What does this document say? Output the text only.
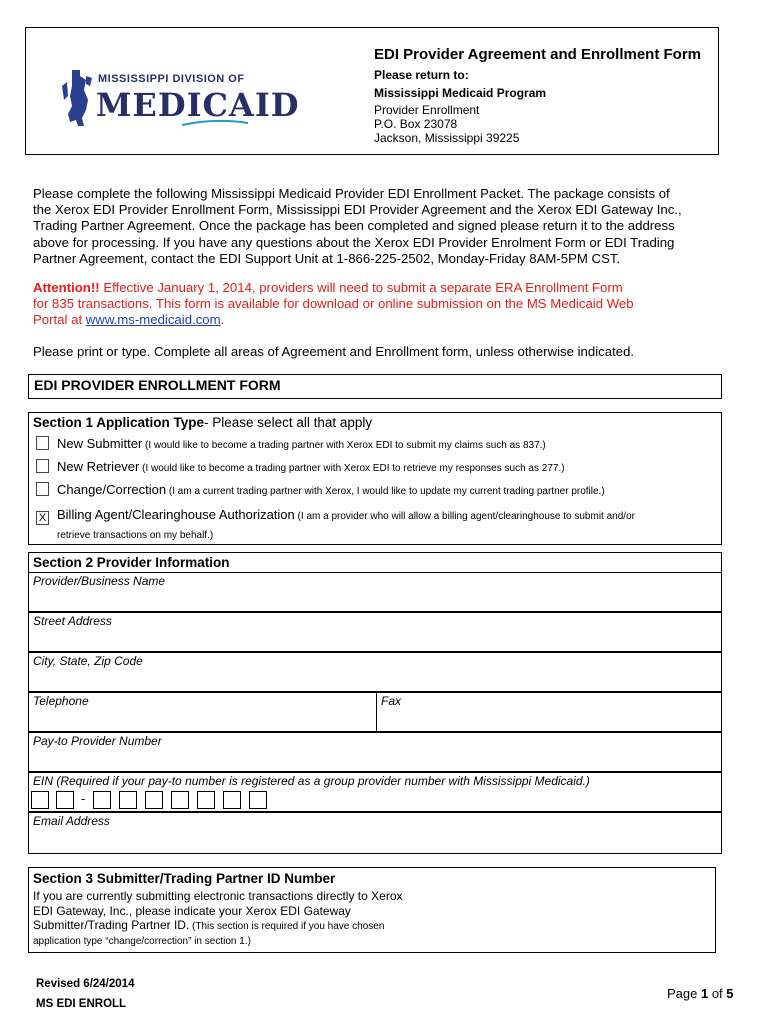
MISSISSIPPI DIVISION OF
MEDICAID
EDI Provider Agreement and Enrollment Form
Please return to:
Mississippi Medicaid Program
Provider Enrollment
P.O. Box 23078
Jackson, Mississippi 39225
Please complete the following Mississippi Medicaid Provider EDI Enrollment Packet. The package consists of
the Xerox EDI Provider Enrollment Form, Mississippi EDI Provider Agreement and the Xerox EDI Gateway Inc.,
Trading Partner Agreement. Once the package has been completed and signed please return it to the address
above for processing. If you have any questions about the Xerox EDI Provider Enrolment Form or EDI Trading
Partner Agreement, contact the EDI Support Unit at 1-866-225-2502, Monday-Friday 8AM-5PM CST.
Attention!! Effective January 1, 2014, providers will need to submit a separate ERA Enrollment Form
for 835 transactions. This form is available for download or online submission on the MS Medicaid Web
Portal at www.ms-medicaid.com.
Please print or type. Complete all areas of Agreement and Enrollment form, unless otherwise indicated.
EDI PROVIDER ENROLLMENT FORM
Section 1 Application Type- Please select all that apply
New Submitter (I would like to become a trading partner with Xerox EDI to submit my claims such as 837.)
New Retriever (I would like to become a trading partner with Xerox EDI to retrieve my responses such as 277.)
Change/Correction (I am a current trading partner with Xerox, I would like to update my current trading partner profile.)
X Billing Agent/Clearinghouse Authorization (I am a provider who will allow a billing agent/clearinghouse to submit and/or
retrieve transactions on my behalf.)
Section 2 Provider Information
Provider/Business Name
Street Address
City, State, Zip Code
Telephone	Fax
Pay-to Provider Number
EIN (Required if your pay-to number is registered as a group provider number with Mississippi Medicaid.)
-
Email Address
Section 3 Submitter/Trading Partner ID Number
If you are currently submitting electronic transactions directly to Xerox
EDI Gateway, Inc., please indicate your Xerox EDI Gateway
Submitter/Trading Partner ID. (This section is required if you have chosen
application type “change/correction” in section 1.)
Revised 6/24/2014
MS EDI ENROLL
Page 1 of 5
